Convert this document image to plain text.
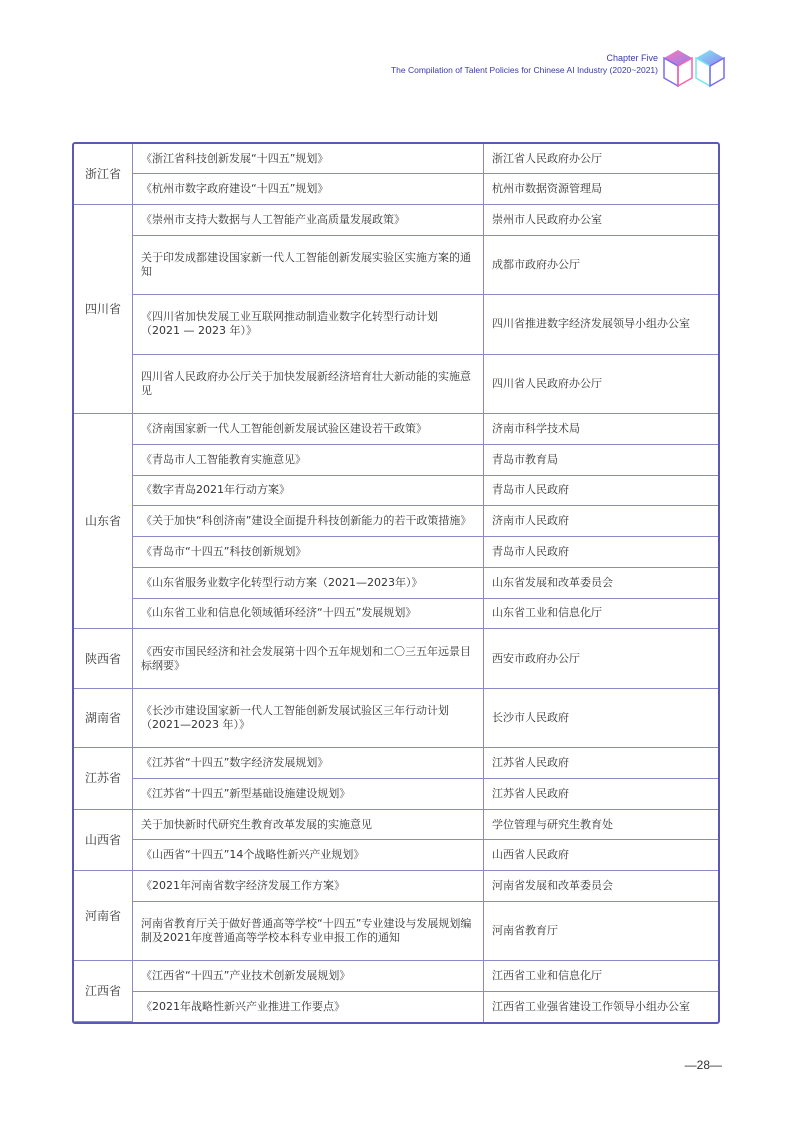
Chapter Five
The Compilation of Talent Policies for Chinese AI Industry (2020~2021)
浙江省	《浙江省科技创新发展“十四五”规划》	浙江省人民政府办公厅
	《杭州市数字政府建设“十四五”规划》	杭州市数据资源管理局
四川省	《崇州市支持大数据与人工智能产业高质量发展政策》	崇州市人民政府办公室
	关于印发成都建设国家新一代人工智能创新发展实验区实施方案的通知	成都市政府办公厅
	《四川省加快发展工业互联网推动制造业数字化转型行动计划（2021 — 2023 年）》	四川省推进数字经济发展领导小组办公室
	四川省人民政府办公厅关于加快发展新经济培育壮大新动能的实施意见	四川省人民政府办公厅
山东省	《济南国家新一代人工智能创新发展试验区建设若干政策》	济南市科学技术局
	《青岛市人工智能教育实施意见》	青岛市教育局
	《数字青岛2021年行动方案》	青岛市人民政府
	《关于加快“科创济南”建设全面提升科技创新能力的若干政策措施》	济南市人民政府
	《青岛市“十四五”科技创新规划》	青岛市人民政府
	《山东省服务业数字化转型行动方案（2021—2023年）》	山东省发展和改革委员会
	《山东省工业和信息化领域循环经济“十四五”发展规划》	山东省工业和信息化厅
陕西省	《西安市国民经济和社会发展第十四个五年规划和二〇三五年远景目标纲要》	西安市政府办公厅
湖南省	《长沙市建设国家新一代人工智能创新发展试验区三年行动计划（2021—2023 年）》	长沙市人民政府
江苏省	《江苏省“十四五”数字经济发展规划》	江苏省人民政府
	《江苏省“十四五”新型基础设施建设规划》	江苏省人民政府
山西省	关于加快新时代研究生教育改革发展的实施意见	学位管理与研究生教育处
	《山西省“十四五”14个战略性新兴产业规划》	山西省人民政府
河南省	《2021年河南省数字经济发展工作方案》	河南省发展和改革委员会
	河南省教育厅关于做好普通高等学校“十四五”专业建设与发展规划编制及2021年度普通高等学校本科专业申报工作的通知	河南省教育厅
江西省	《江西省“十四五”产业技术创新发展规划》	江西省工业和信息化厅
	《2021年战略性新兴产业推进工作要点》	江西省工业强省建设工作领导小组办公室
—28—
